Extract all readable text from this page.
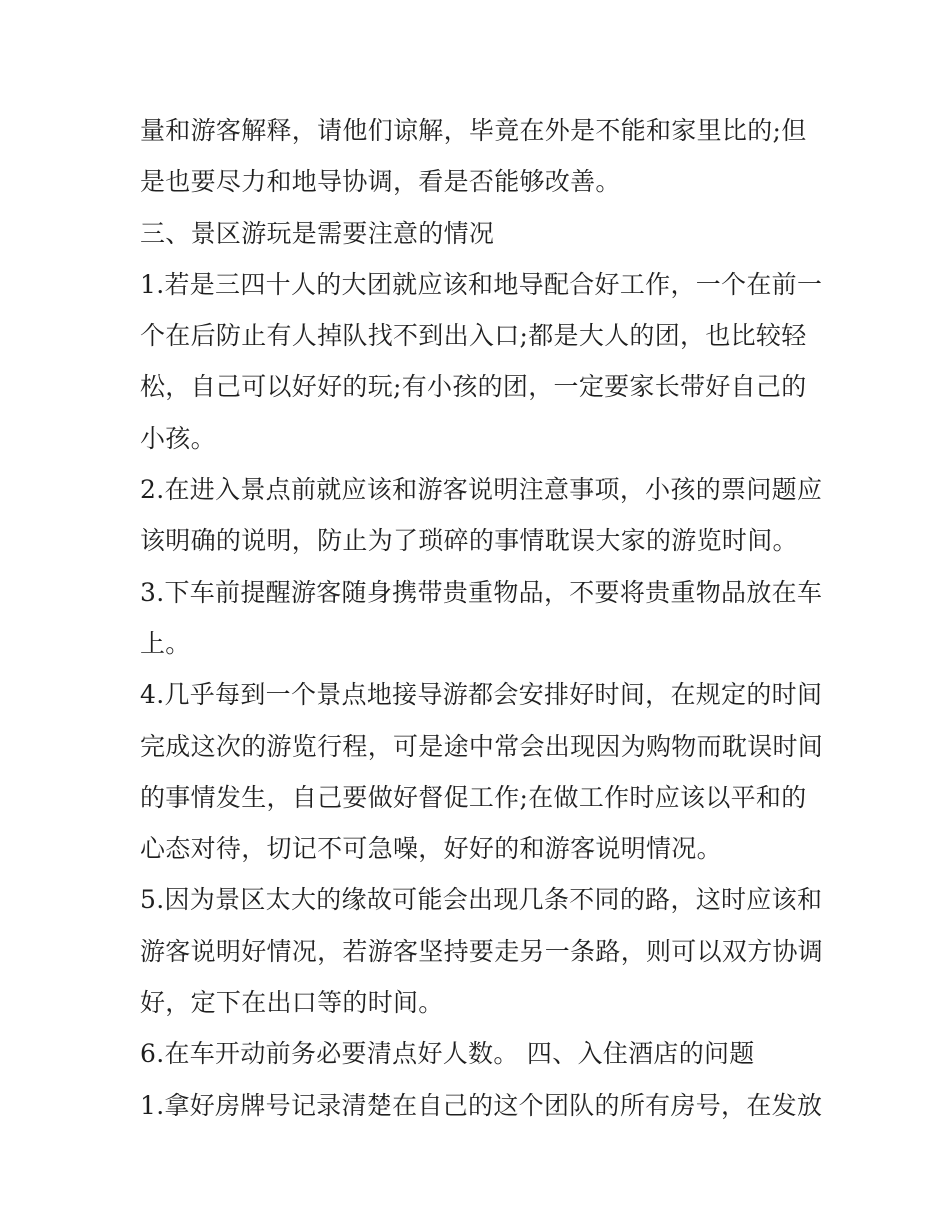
量和游客解释，请他们谅解，毕竟在外是不能和家里比的;但
是也要尽力和地导协调，看是否能够改善。
三、景区游玩是需要注意的情况
1.若是三四十人的大团就应该和地导配合好工作，一个在前一
个在后防止有人掉队找不到出入口;都是大人的团，也比较轻
松，自己可以好好的玩;有小孩的团，一定要家长带好自己的
小孩。
2.在进入景点前就应该和游客说明注意事项，小孩的票问题应
该明确的说明，防止为了琐碎的事情耽误大家的游览时间。
3.下车前提醒游客随身携带贵重物品，不要将贵重物品放在车
上。
4.几乎每到一个景点地接导游都会安排好时间，在规定的时间
完成这次的游览行程，可是途中常会出现因为购物而耽误时间
的事情发生，自己要做好督促工作;在做工作时应该以平和的
心态对待，切记不可急噪，好好的和游客说明情况。
5.因为景区太大的缘故可能会出现几条不同的路，这时应该和
游客说明好情况，若游客坚持要走另一条路，则可以双方协调
好，定下在出口等的时间。
6.在车开动前务必要清点好人数。 四、入住酒店的问题
1.拿好房牌号记录清楚在自己的这个团队的所有房号，在发放
